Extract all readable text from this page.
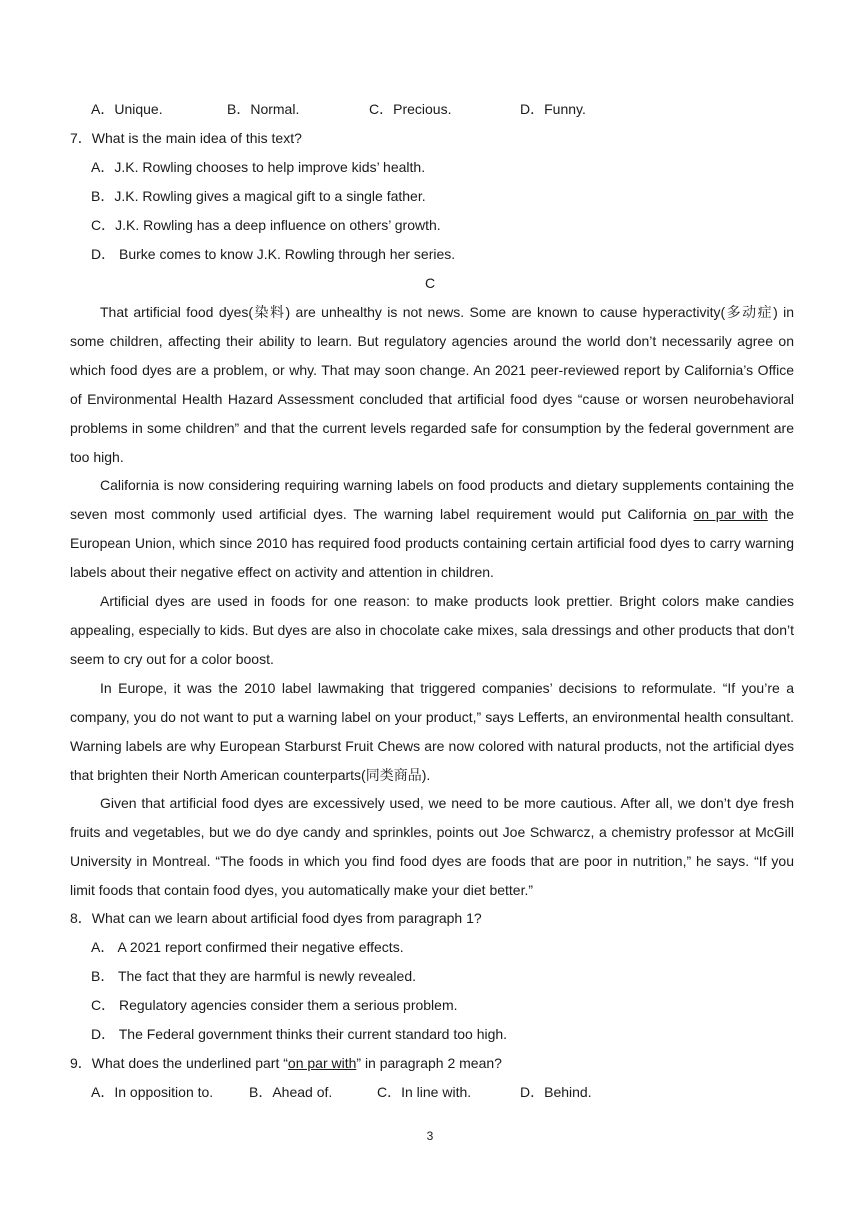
A．Unique.	B．Normal.	C．Precious.	D．Funny.
7．What is the main idea of this text?
A．J.K. Rowling chooses to help improve kids’ health.
B．J.K. Rowling gives a magical gift to a single father.
C．J.K. Rowling has a deep influence on others’ growth.
D． Burke comes to know J.K. Rowling through her series.
C
That artificial food dyes(染料) are unhealthy is not news. Some are known to cause hyperactivity(多动症) in
some children, affecting their ability to learn. But regulatory agencies around the world don’t necessarily agree on
which food dyes are a problem, or why. That may soon change. An 2021 peer-reviewed report by California’s Office
of Environmental Health Hazard Assessment concluded that artificial food dyes “cause or worsen neurobehavioral
problems in some children” and that the current levels regarded safe for consumption by the federal government are
too high.
California is now considering requiring warning labels on food products and dietary supplements containing the
seven most commonly used artificial dyes. The warning label requirement would put California on par with the
European Union, which since 2010 has required food products containing certain artificial food dyes to carry warning
labels about their negative effect on activity and attention in children.
Artificial dyes are used in foods for one reason: to make products look prettier. Bright colors make candies
appealing, especially to kids. But dyes are also in chocolate cake mixes, sala dressings and other products that don’t
seem to cry out for a color boost.
In Europe, it was the 2010 label lawmaking that triggered companies’ decisions to reformulate. “If you’re a
company, you do not want to put a warning label on your product,” says Lefferts, an environmental health consultant.
Warning labels are why European Starburst Fruit Chews are now colored with natural products, not the artificial dyes
that brighten their North American counterparts(同类商品).
Given that artificial food dyes are excessively used, we need to be more cautious. After all, we don’t dye fresh
fruits and vegetables, but we do dye candy and sprinkles, points out Joe Schwarcz, a chemistry professor at McGill
University in Montreal. “The foods in which you find food dyes are foods that are poor in nutrition,” he says. “If you
limit foods that contain food dyes, you automatically make your diet better.”
8．What can we learn about artificial food dyes from paragraph 1?
A． A 2021 report confirmed their negative effects.
B． The fact that they are harmful is newly revealed.
C． Regulatory agencies consider them a serious problem.
D． The Federal government thinks their current standard too high.
9．What does the underlined part “on par with” in paragraph 2 mean?
A．In opposition to.	B．Ahead of.	C．In line with.	D．Behind.
3
